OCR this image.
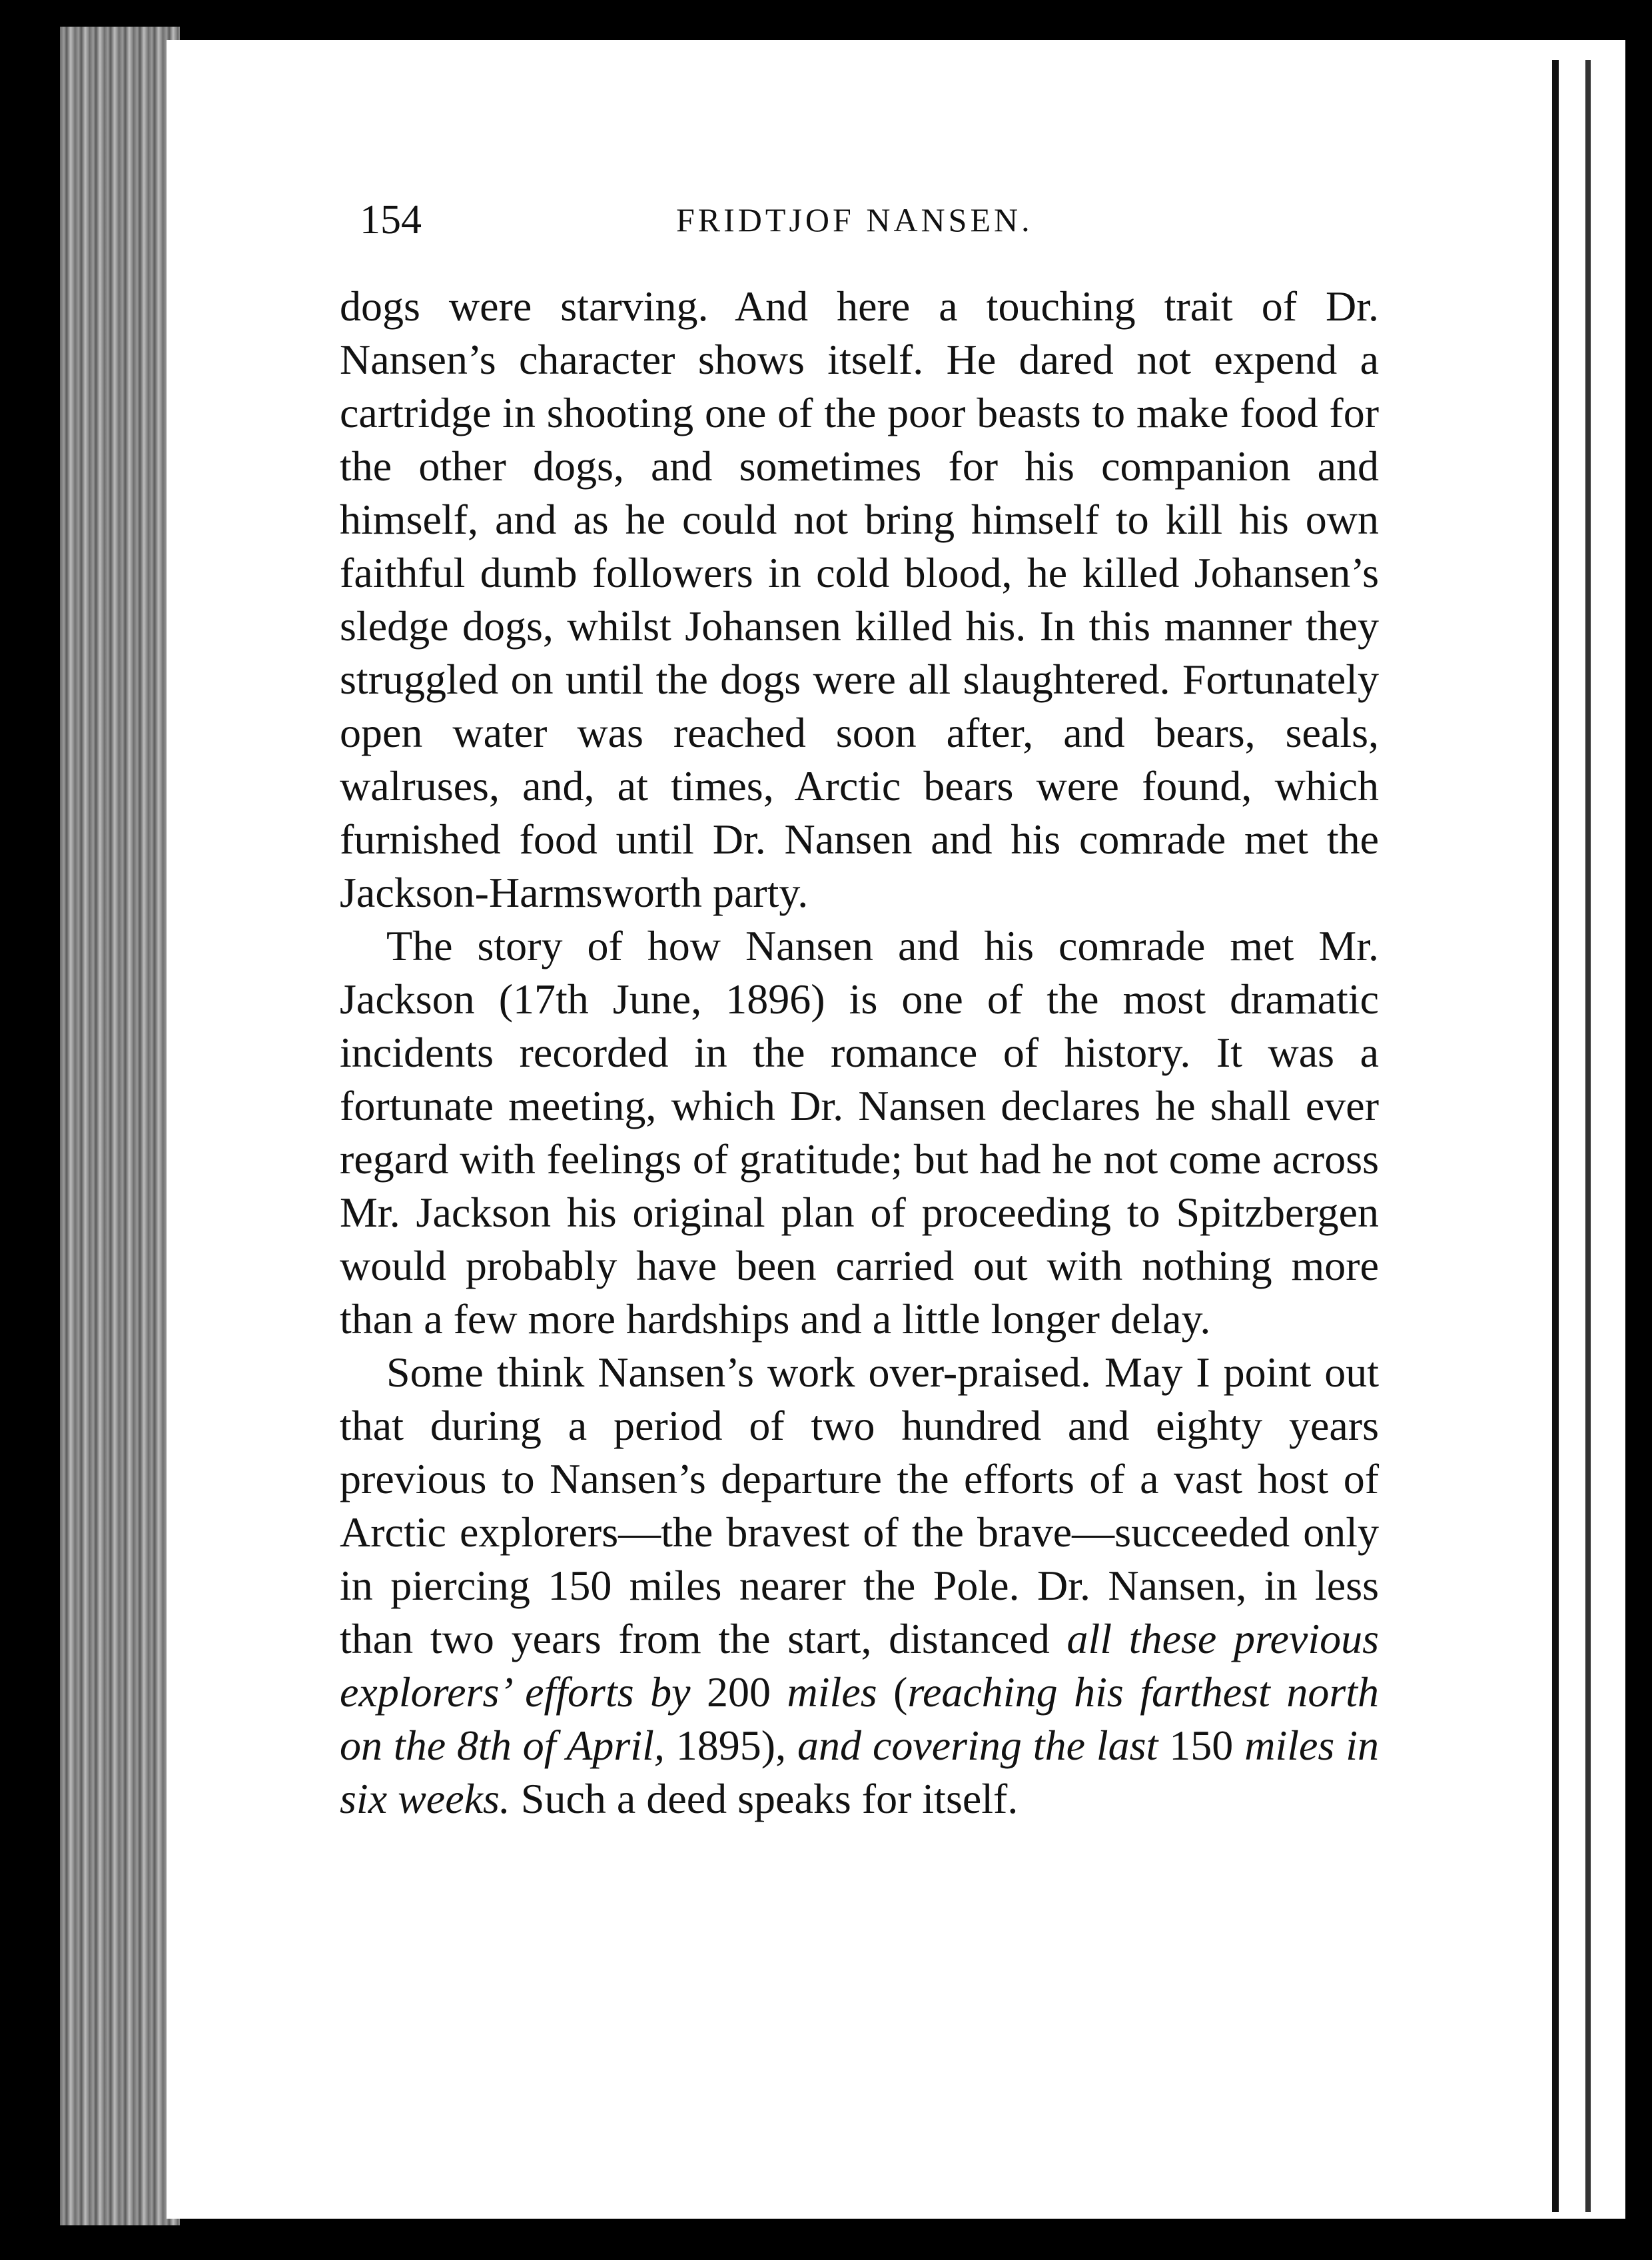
154	FRIDTJOF NANSEN.

dogs were starving. And here a touching trait of Dr. Nansen’s character shows itself. He dared not expend a cartridge in shooting one of the poor beasts to make food for the other dogs, and sometimes for his companion and himself, and as he could not bring himself to kill his own faithful dumb followers in cold blood, he killed Johansen’s sledge dogs, whilst Johansen killed his. In this manner they struggled on until the dogs were all slaughtered. Fortunately open water was reached soon after, and bears, seals, walruses, and, at times, Arctic bears were found, which furnished food until Dr. Nansen and his comrade met the Jackson-Harmsworth party.

The story of how Nansen and his comrade met Mr. Jackson (17th June, 1896) is one of the most dramatic incidents recorded in the romance of history. It was a fortunate meeting, which Dr. Nansen declares he shall ever regard with feelings of gratitude; but had he not come across Mr. Jackson his original plan of proceeding to Spitzbergen would probably have been carried out with nothing more than a few more hardships and a little longer delay.

Some think Nansen’s work over-praised. May I point out that during a period of two hundred and eighty years previous to Nansen’s departure the efforts of a vast host of Arctic explorers—the bravest of the brave—succeeded only in piercing 150 miles nearer the Pole. Dr. Nansen, in less than two years from the start, distanced all these previous explorers’ efforts by 200 miles (reaching his farthest north on the 8th of April, 1895), and covering the last 150 miles in six weeks. Such a deed speaks for itself.
